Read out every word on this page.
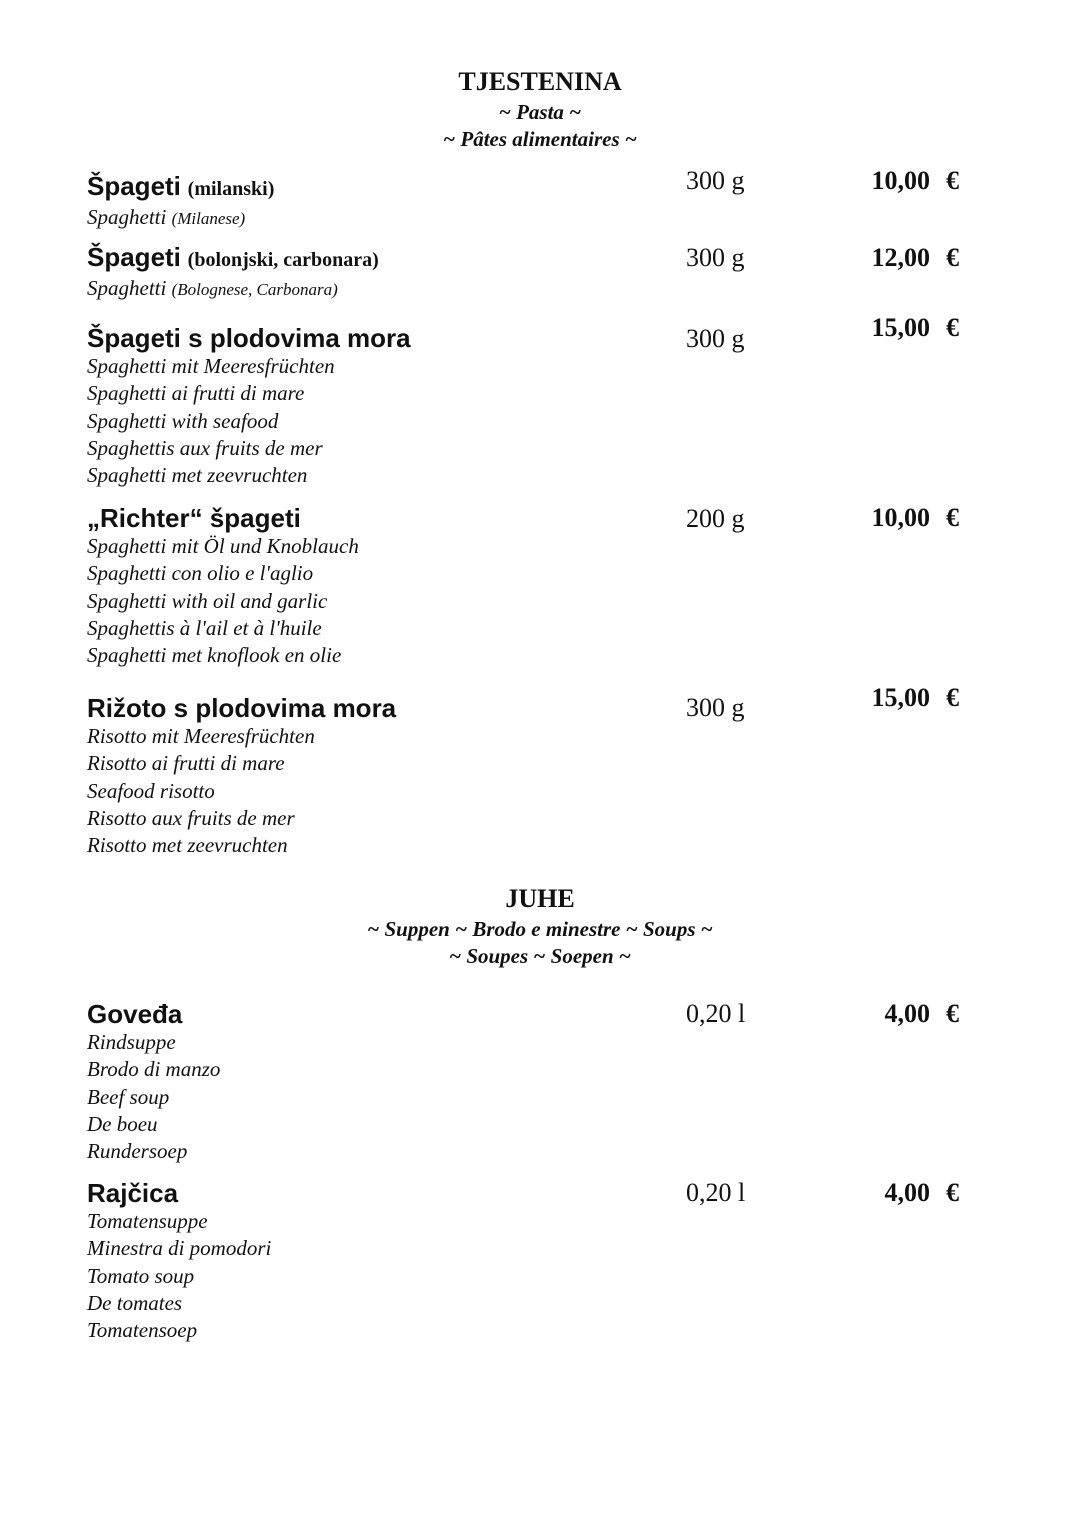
TJESTENINA
~ Pasta ~
~ Pâtes alimentaires ~
Špageti (milanski)
Spaghetti (Milanese)
300 g	10,00 €
Špageti (bolonjski, carbonara)
Spaghetti (Bolognese, Carbonara)
300 g	12,00 €
Špageti s plodovima mora
Spaghetti mit Meeresfrüchten
Spaghetti ai frutti di mare
Spaghetti with seafood
Spaghettis aux fruits de mer
Spaghetti met zeevruchten
300 g	15,00 €
„Richter“ špageti
Spaghetti mit Öl und Knoblauch
Spaghetti con olio e l'aglio
Spaghetti with oil and garlic
Spaghettis à l'ail et à l'huile
Spaghetti met knoflook en olie
200 g	10,00 €
Rižoto s plodovima mora
Risotto mit Meeresfrüchten
Risotto ai frutti di mare
Seafood risotto
Risotto aux fruits de mer
Risotto met zeevruchten
300 g	15,00 €
JUHE
~ Suppen ~ Brodo e minestre ~ Soups ~
~ Soupes ~ Soepen ~
Goveđa
Rindsuppe
Brodo di manzo
Beef soup
De boeu
Rundersoep
0,20 l	4,00 €
Rajčica
Tomatensuppe
Minestra di pomodori
Tomato soup
De tomates
Tomatensoep
0,20 l	4,00 €
